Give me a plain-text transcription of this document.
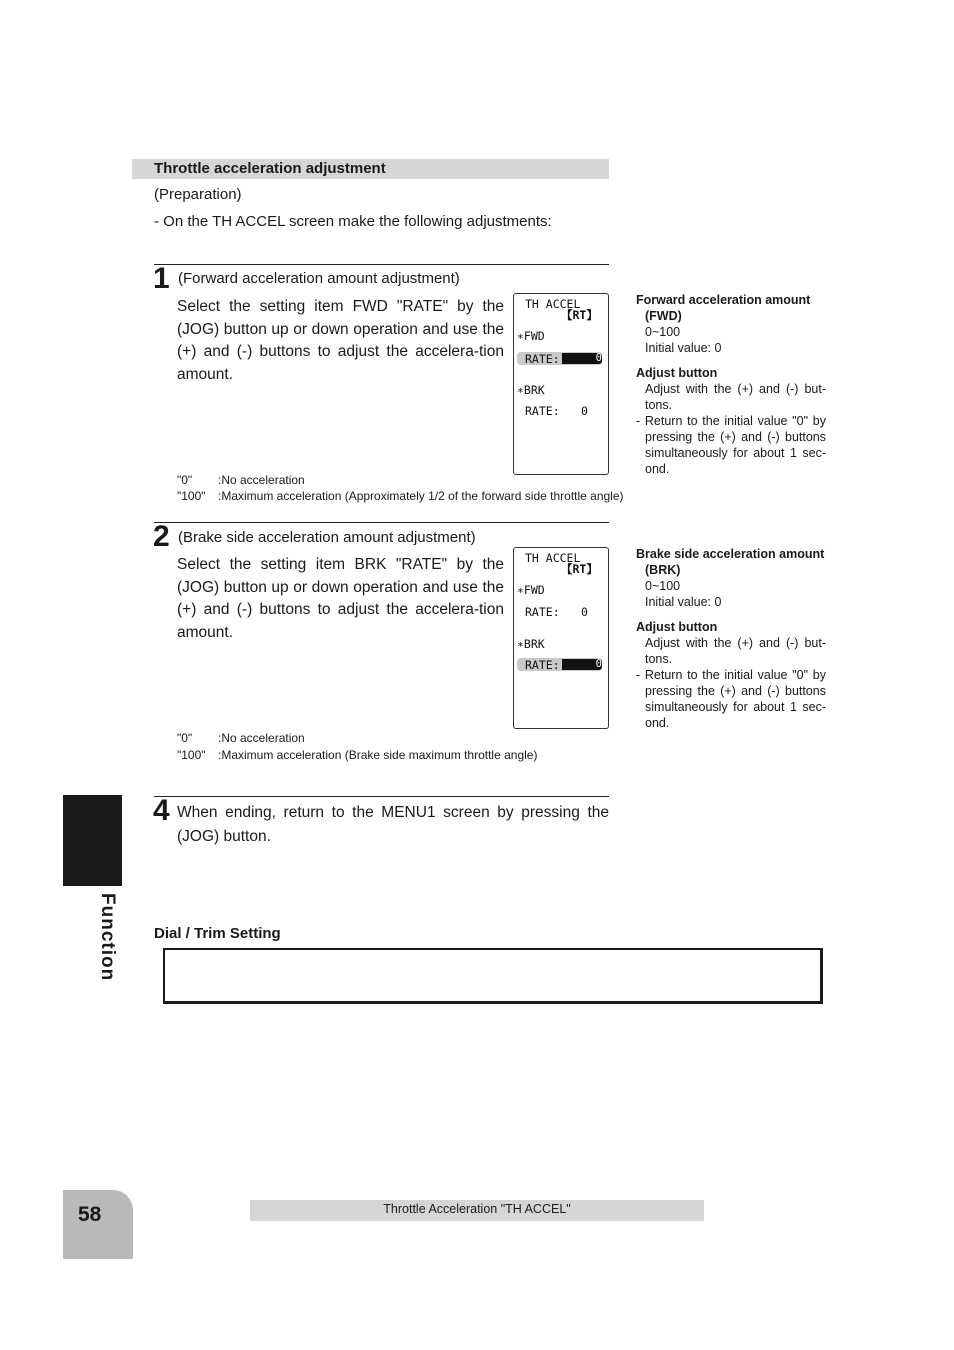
Throttle acceleration adjustment
(Preparation)
- On the TH ACCEL screen make the following adjustments:
1 (Forward acceleration amount adjustment)
Select the setting item FWD "RATE" by the (JOG) button up or down operation and use the (+) and (-) buttons to adjust the accelera-tion amount.
TH ACCEL
【RT】
∗FWD
RATE:	0
∗BRK
RATE: 0
"0" :No acceleration
"100" :Maximum acceleration (Approximately 1/2 of the forward side throttle angle)
2 (Brake side acceleration amount adjustment)
Select the setting item BRK "RATE" by the (JOG) button up or down operation and use the (+) and (-) buttons to adjust the accelera-tion amount.
TH ACCEL
【RT】
∗FWD
RATE: 0
∗BRK
RATE:	0
"0" :No acceleration
"100" :Maximum acceleration (Brake side maximum throttle angle)
4 When ending, return to the MENU1 screen by pressing the (JOG) button.
Forward acceleration amount
(FWD)
0~100
Initial value: 0
Adjust button
Adjust with the (+) and (-) but-tons.
- Return to the initial value "0" by pressing the (+) and (-) buttons simultaneously for about 1 sec-ond.
Brake side acceleration amount
(BRK)
0~100
Initial value: 0
Adjust button
Adjust with the (+) and (-) but-tons.
- Return to the initial value "0" by pressing the (+) and (-) buttons simultaneously for about 1 sec-ond.
Function Dial / Trim Setting
58	Throttle Acceleration "TH ACCEL"
